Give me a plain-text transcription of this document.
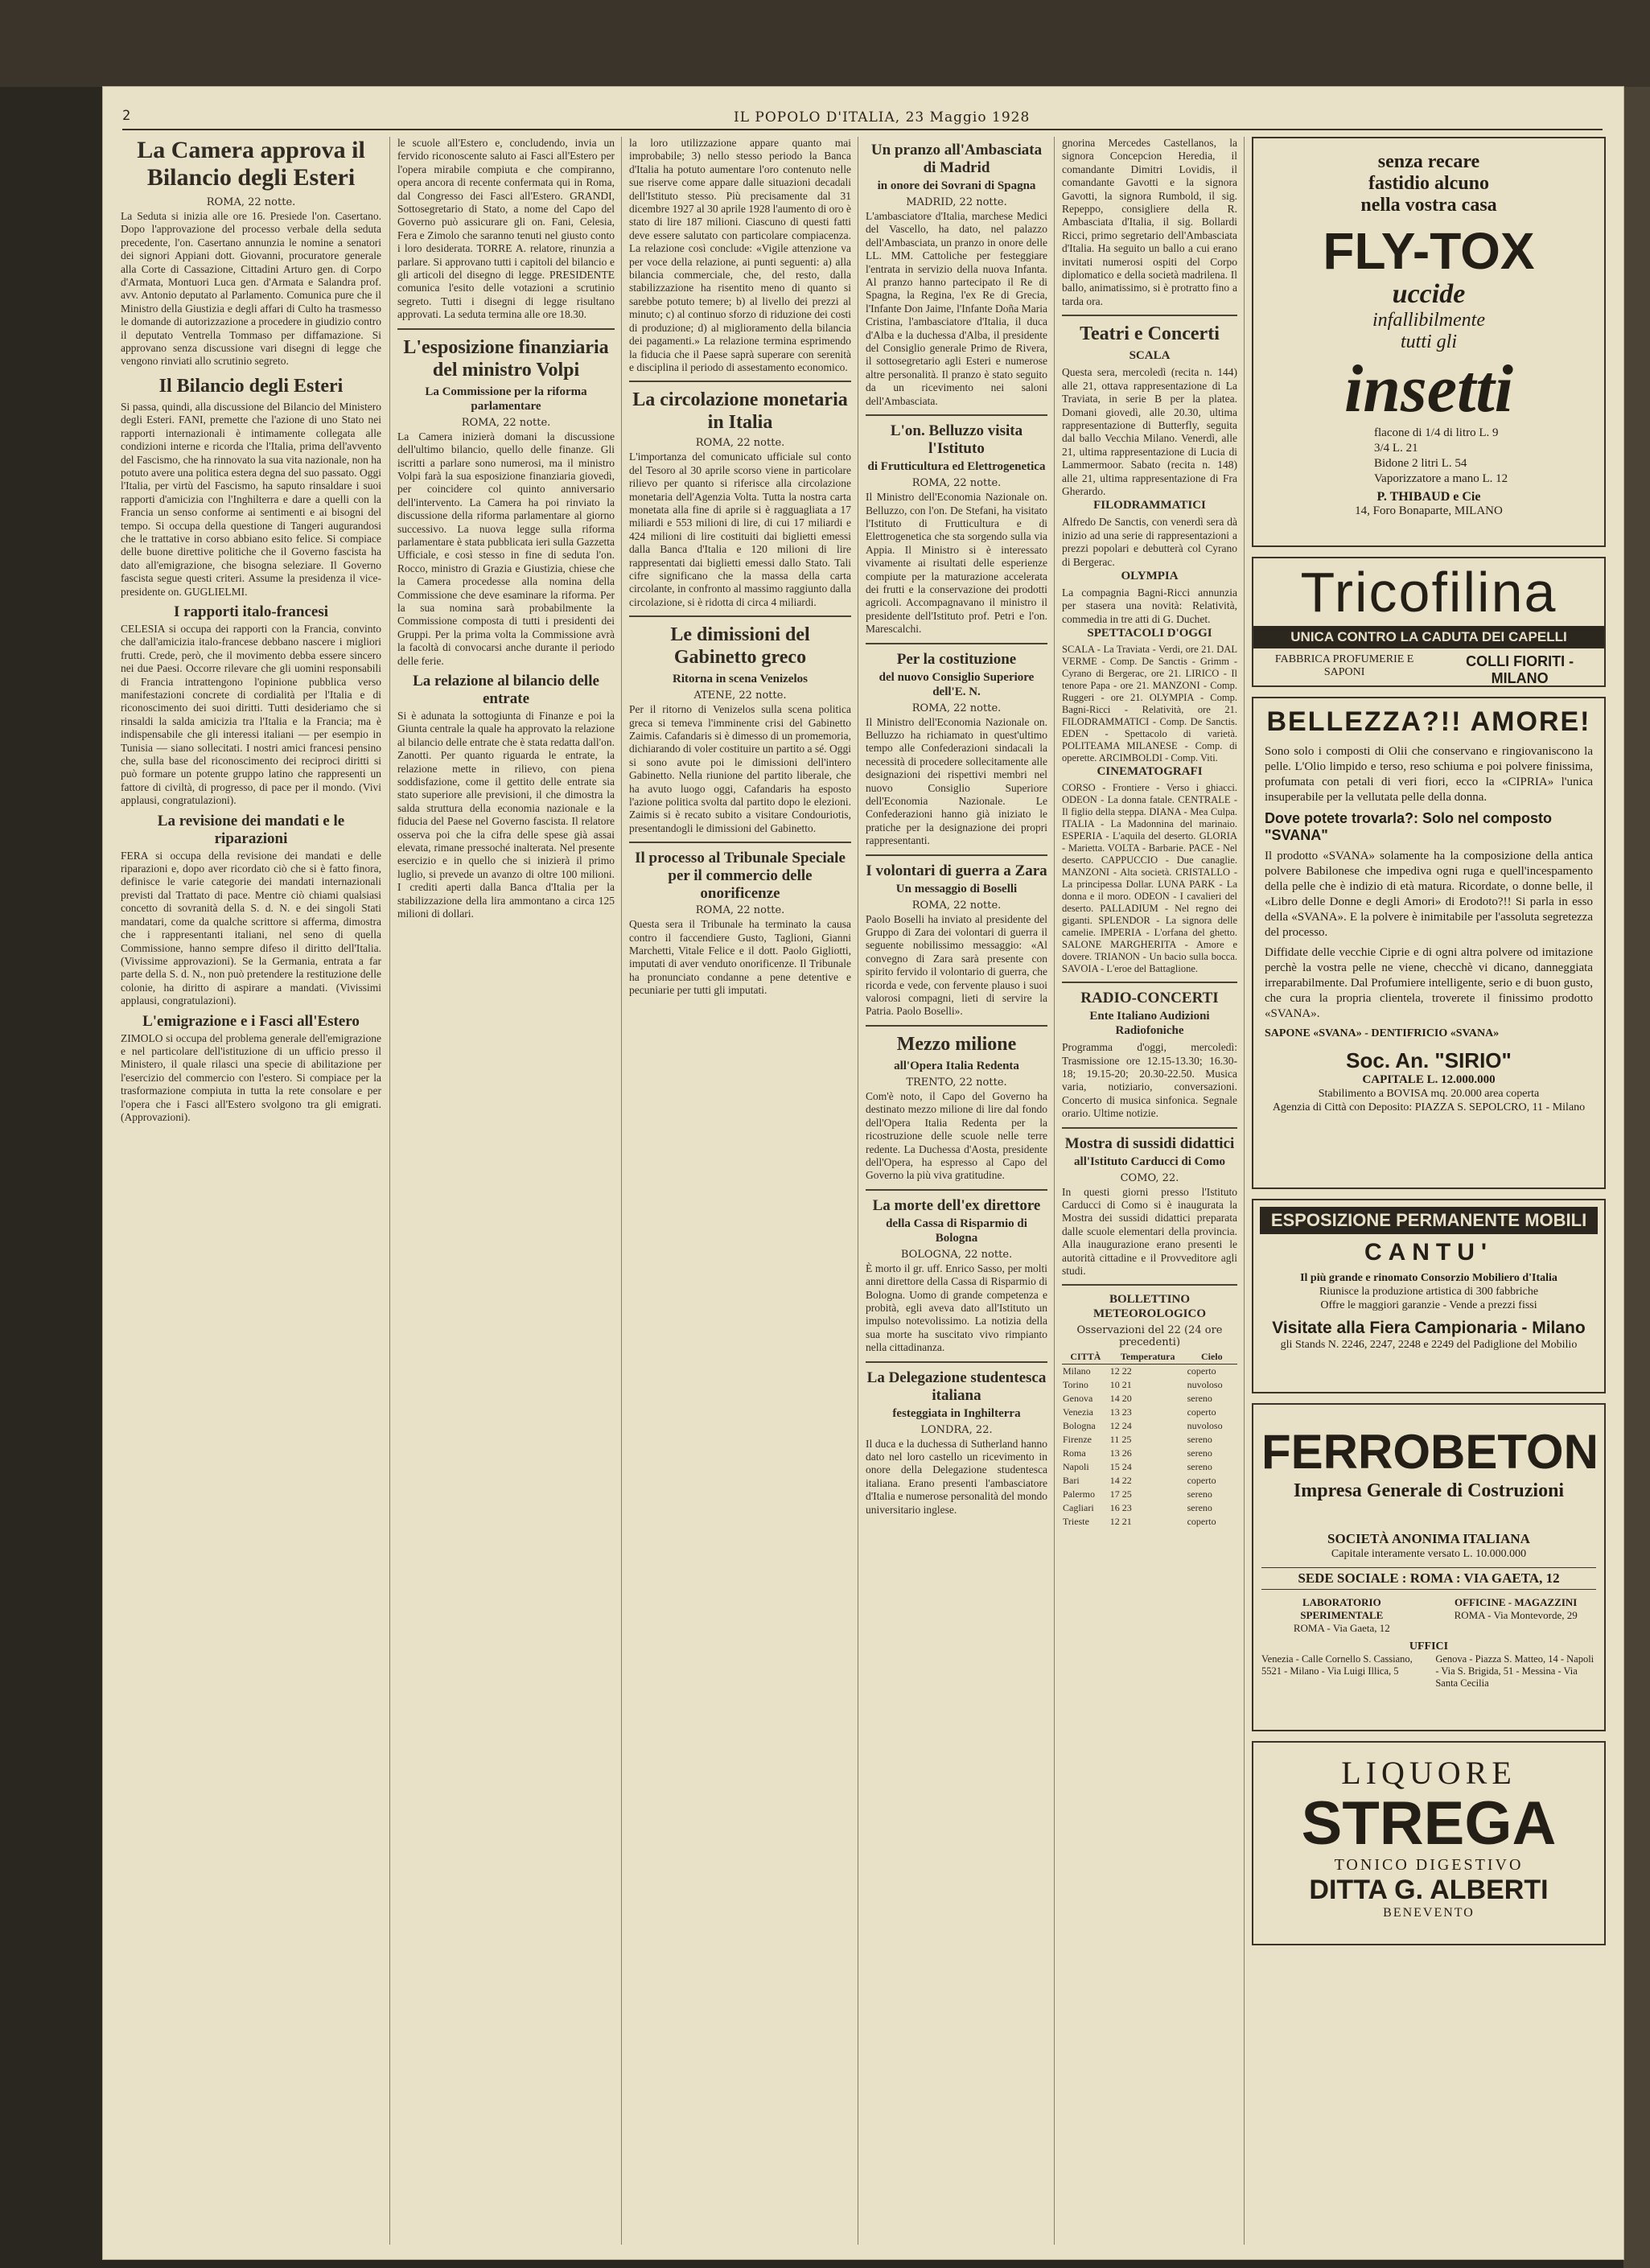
2	IL POPOLO D'ITALIA, 23 Maggio 1928
La Camera approva il Bilancio degli Esteri
ROMA, 22 notte.

La Seduta si inizia alle ore 16. Presiede l'on. Casertano. Dopo l'approvazione del processo verbale della seduta precedente, l'on. Casertano annunzia le nomine a senatori dei signori Appiani dott. Giovanni, procuratore generale alla Corte di Cassazione, Cittadini Arturo gen. di Corpo d'Armata, Montuori Luca gen. d'Armata e Salandra prof. avv. Antonio deputato al Parlamento. Comunica pure che il Ministro della Giustizia e degli affari di Culto ha trasmesso le domande di autorizzazione a procedere in giudizio contro il deputato Ventrella Tommaso per diffamazione. Si approvano senza discussione vari disegni di legge che vengono rinviati allo scrutinio segreto.

Il Bilancio degli Esteri

Si passa, quindi, alla discussione del Bilancio del Ministero degli Esteri. FANI, premette che l'azione di uno Stato nei rapporti internazionali è intimamente collegata alle condizioni interne e ricorda che l'Italia, prima dell'avvento del Fascismo, che ha rinnovato la sua vita nazionale, non ha potuto avere una politica estera degna del suo passato. Oggi l'Italia, per virtù del Fascismo, ha saputo rinsaldare i suoi rapporti d'amicizia con l'Inghilterra e dare a quelli con la Francia un senso conforme ai sentimenti e ai bisogni del tempo. Si occupa della questione di Tangeri augurandosi che le trattative in corso abbiano esito felice. Si compiace delle buone direttive politiche che il Governo fascista ha dato all'emigrazione, che bisogna seleziare. Il Governo fascista segue questi criteri. Assume la presidenza il vice-presidente on. GUGLIELMI.

I rapporti italo-francesi

CELESIA si occupa dei rapporti con la Francia, convinto che dall'amicizia italo-francese debbano nascere i migliori frutti. Crede, però, che il movimento debba essere sincero nei due Paesi. Occorre rilevare che gli uomini responsabili di Francia intrattengono l'opinione pubblica verso manifestazioni concrete di cordialità per l'Italia e di riconoscimento dei suoi diritti. Tutti desideriamo che si rinsaldi la salda amicizia tra l'Italia e la Francia; ma è indispensabile che gli interessi italiani — per esempio in Tunisia — siano sollecitati. I nostri amici francesi pensino che, sulla base del riconoscimento dei reciproci diritti si può formare un potente gruppo latino che rappresenti un fattore di civiltà, di progresso, di pace per il mondo. (Vivi applausi, congratulazioni).

La revisione dei mandati e le riparazioni

FERA si occupa della revisione dei mandati e delle riparazioni e, dopo aver ricordato ciò che si è fatto finora, definisce le varie categorie dei mandati internazionali previsti dal Trattato di pace. Mentre ciò chiami qualsiasi concetto di sovranità della S. d. N. e dei singoli Stati mandatari, come da qualche scrittore si afferma, dimostra che i rappresentanti italiani, nel seno di quella Commissione, hanno sempre difeso il diritto dell'Italia. (Vivissime approvazioni). Se la Germania, entrata a far parte della S. d. N., non può pretendere la restituzione delle colonie, ha diritto di aspirare a mandati. (Vivissimi applausi, congratulazioni).

L'emigrazione e i Fasci all'Estero

ZIMOLO si occupa del problema generale dell'emigrazione e nel particolare dell'istituzione di un ufficio presso il Ministero, il quale rilasci una specie di abilitazione per l'esercizio del commercio con l'estero. Si compiace per la trasformazione compiuta in tutta la rete consolare e per l'opera che i Fasci all'Estero svolgono tra gli emigrati. (Approvazioni).

le scuole all'Estero e, concludendo, invia un fervido riconoscente saluto ai Fasci all'Estero per l'opera mirabile compiuta e che compiranno, opera ancora di recente confermata qui in Roma, dal Congresso dei Fasci all'Estero. GRANDI, Sottosegretario di Stato, a nome del Capo del Governo può assicurare gli on. Fani, Celesia, Fera e Zimolo che saranno tenuti nel giusto conto i loro desiderata. TORRE A. relatore, rinunzia a parlare. Si approvano tutti i capitoli del bilancio e gli articoli del disegno di legge. PRESIDENTE comunica l'esito delle votazioni a scrutinio segreto. Tutti i disegni di legge risultano approvati. La seduta termina alle ore 18.30.

L'esposizione finanziaria del ministro Volpi
La Commissione per la riforma parlamentare
ROMA, 22 notte.

La Camera inizierà domani la discussione dell'ultimo bilancio, quello delle finanze. Gli iscritti a parlare sono numerosi, ma il ministro Volpi farà la sua esposizione finanziaria giovedì, per coincidere col quinto anniversario dell'intervento. La Camera ha poi rinviato la discussione della riforma parlamentare al giorno successivo. La nuova legge sulla riforma parlamentare è stata pubblicata ieri sulla Gazzetta Ufficiale, e così stesso in fine di seduta l'on. Rocco, ministro di Grazia e Giustizia, chiese che la Camera procedesse alla nomina della Commissione che deve esaminare la riforma. Per la sua nomina sarà probabilmente la Commissione composta di tutti i presidenti dei Gruppi. Per la prima volta la Commissione avrà la facoltà di convocarsi anche durante il periodo delle ferie.

La relazione al bilancio delle entrate

Si è adunata la sottogiunta di Finanze e poi la Giunta centrale la quale ha approvato la relazione al bilancio delle entrate che è stata redatta dall'on. Zanotti. Per quanto riguarda le entrate, la relazione mette in rilievo, con piena soddisfazione, come il gettito delle entrate sia stato superiore alle previsioni, il che dimostra la salda struttura della economia nazionale e la fiducia del Paese nel Governo fascista. Il relatore osserva poi che la cifra delle spese già assai elevata, rimane pressoché inalterata. Nel presente esercizio e in quello che si inizierà il primo luglio, si prevede un avanzo di oltre 100 milioni. I crediti aperti dalla Banca d'Italia per la stabilizzazione della lira ammontano a circa 125 milioni di dollari.

la loro utilizzazione appare quanto mai improbabile; 3) nello stesso periodo la Banca d'Italia ha potuto aumentare l'oro contenuto nelle sue riserve come appare dalle situazioni decadali dell'Istituto stesso. Più precisamente dal 31 dicembre 1927 al 30 aprile 1928 l'aumento di oro è stato di lire 187 milioni. Ciascuno di questi fatti deve essere salutato con particolare compiacenza. La relazione così conclude: «Vigile attenzione va per voce della relazione, ai punti seguenti: a) alla bilancia commerciale, che, del resto, dalla stabilizzazione ha risentito meno di quanto si sarebbe potuto temere; b) al livello dei prezzi al minuto; c) al continuo sforzo di riduzione dei costi di produzione; d) al miglioramento della bilancia dei pagamenti.» La relazione termina esprimendo la fiducia che il Paese saprà superare con serenità e disciplina il periodo di assestamento economico.

La circolazione monetaria in Italia
ROMA, 22 notte.

L'importanza del comunicato ufficiale sul conto del Tesoro al 30 aprile scorso viene in particolare rilievo per quanto si riferisce alla circolazione monetaria dell'Agenzia Volta. Tutta la nostra carta monetata alla fine di aprile si è ragguagliata a 17 miliardi e 553 milioni di lire, di cui 17 miliardi e 424 milioni di lire costituiti dai biglietti emessi dalla Banca d'Italia e 120 milioni di lire rappresentati dai biglietti emessi dallo Stato. Tali cifre significano che la massa della carta circolante, in confronto al massimo raggiunto dalla circolazione, si è ridotta di circa 4 miliardi.

Le dimissioni del Gabinetto greco
Ritorna in scena Venizelos
ATENE, 22 notte.

Per il ritorno di Venizelos sulla scena politica greca si temeva l'imminente crisi del Gabinetto Zaimis. Cafandaris si è dimesso di un promemoria, dichiarando di voler costituire un partito a sé. Oggi si sono avute poi le dimissioni dell'intero Gabinetto. Nella riunione del partito liberale, che ha avuto luogo oggi, Cafandaris ha esposto l'azione politica svolta dal partito dopo le elezioni. Zaimis si è recato subito a visitare Condouriotis, presentandogli le dimissioni del Gabinetto.

Il processo al Tribunale Speciale per il commercio delle onorificenze
ROMA, 22 notte.

Questa sera il Tribunale ha terminato la causa contro il faccendiere Gusto, Taglioni, Gianni Marchetti, Vitale Felice e il dott. Paolo Gigliotti, imputati di aver venduto onorificenze. Il Tribunale ha pronunciato condanne a pene detentive e pecuniarie per tutti gli imputati.

Un pranzo all'Ambasciata di Madrid
in onore dei Sovrani di Spagna
MADRID, 22 notte.

L'ambasciatore d'Italia, marchese Medici del Vascello, ha dato, nel palazzo dell'Ambasciata, un pranzo in onore delle LL. MM. Cattoliche per festeggiare l'entrata in servizio della nuova Infanta. Al pranzo hanno partecipato il Re di Spagna, la Regina, l'ex Re di Grecia, l'Infante Don Jaime, l'Infante Doña Maria Cristina, l'ambasciatore d'Italia, il duca d'Alba e la duchessa d'Alba, il presidente del Consiglio generale Primo de Rivera, il sottosegretario agli Esteri e numerose altre personalità. Il pranzo è stato seguito da un ricevimento nei saloni dell'Ambasciata.

L'on. Belluzzo visita l'Istituto
di Frutticultura ed Elettrogenetica
ROMA, 22 notte.

Il Ministro dell'Economia Nazionale on. Belluzzo, con l'on. De Stefani, ha visitato l'Istituto di Frutticultura e di Elettrogenetica che sta sorgendo sulla via Appia. Il Ministro si è interessato vivamente ai risultati delle esperienze compiute per la maturazione accelerata dei frutti e la conservazione dei prodotti agricoli. Accompagnavano il ministro il presidente dell'Istituto prof. Petri e l'on. Marescalchi.

Per la costituzione
del nuovo Consiglio Superiore dell'E. N.
ROMA, 22 notte.

Il Ministro dell'Economia Nazionale on. Belluzzo ha richiamato in quest'ultimo tempo alle Confederazioni sindacali la necessità di procedere sollecitamente alle designazioni dei rispettivi membri nel nuovo Consiglio Superiore dell'Economia Nazionale. Le Confederazioni hanno già iniziato le pratiche per la designazione dei propri rappresentanti.

I volontari di guerra a Zara
Un messaggio di Boselli
ROMA, 22 notte.

Paolo Boselli ha inviato al presidente del Gruppo di Zara dei volontari di guerra il seguente nobilissimo messaggio: «Al convegno di Zara sarà presente con spirito fervido il volontario di guerra, che ricorda e vede, con fervente plauso i suoi valorosi compagni, lieti di servire la Patria. Paolo Boselli».

Mezzo milione
all'Opera Italia Redenta
TRENTO, 22 notte.

Com'è noto, il Capo del Governo ha destinato mezzo milione di lire dal fondo dell'Opera Italia Redenta per la ricostruzione delle scuole nelle terre redente. La Duchessa d'Aosta, presidente dell'Opera, ha espresso al Capo del Governo la più viva gratitudine.

La morte dell'ex direttore
della Cassa di Risparmio di Bologna
BOLOGNA, 22 notte.

È morto il gr. uff. Enrico Sasso, per molti anni direttore della Cassa di Risparmio di Bologna. Uomo di grande competenza e probità, egli aveva dato all'Istituto un impulso notevolissimo. La notizia della sua morte ha suscitato vivo rimpianto nella cittadinanza.

La Delegazione studentesca italiana
festeggiata in Inghilterra
LONDRA, 22.

Il duca e la duchessa di Sutherland hanno dato nel loro castello un ricevimento in onore della Delegazione studentesca italiana. Erano presenti l'ambasciatore d'Italia e numerose personalità del mondo universitario inglese.

gnorina Mercedes Castellanos, la signora Concepcion Heredia, il comandante Dimitri Lovidis, il comandante Gavotti e la signora Gavotti, la signora Rumbold, il sig. Repeppo, consigliere della R. Ambasciata d'Italia, il sig. Bollardi Ricci, primo segretario dell'Ambasciata d'Italia. Ha seguito un ballo a cui erano invitati numerosi ospiti del Corpo diplomatico e della società madrilena. Il ballo, animatissimo, si è protratto fino a tarda ora.

Teatri e Concerti
SCALA

Questa sera, mercoledì (recita n. 144) alle 21, ottava rappresentazione di La Traviata, in serie B per la platea. Domani giovedì, alle 20.30, ultima rappresentazione di Butterfly, seguita dal ballo Vecchia Milano. Venerdì, alle 21, ultima rappresentazione di Lucia di Lammermoor. Sabato (recita n. 148) alle 21, ultima rappresentazione di Fra Gherardo.

FILODRAMMATICI

Alfredo De Sanctis, con venerdì sera dà inizio ad una serie di rappresentazioni a prezzi popolari e debutterà col Cyrano di Bergerac.

OLYMPIA

La compagnia Bagni-Ricci annunzia per stasera una novità: Relatività, commedia in tre atti di G. Duchet.

SPETTACOLI D'OGGI

SCALA - La Traviata - Verdi, ore 21. DAL VERME - Comp. De Sanctis - Grimm - Cyrano di Bergerac, ore 21. LIRICO - Il tenore Papa - ore 21. MANZONI - Comp. Ruggeri - ore 21. OLYMPIA - Comp. Bagni-Ricci - Relatività, ore 21. FILODRAMMATICI - Comp. De Sanctis. EDEN - Spettacolo di varietà. POLITEAMA MILANESE - Comp. di operette. ARCIMBOLDI - Comp. Viti.

CINEMATOGRAFI

CORSO - Frontiere - Verso i ghiacci. ODEON - La donna fatale. CENTRALE - Il figlio della steppa. DIANA - Mea Culpa. ITALIA - La Madonnina del marinaio. ESPERIA - L'aquila del deserto. GLORIA - Marietta. VOLTA - Barbarie. PACE - Nel deserto. CAPPUCCIO - Due canaglie. MANZONI - Alta società. CRISTALLO - La principessa Dollar. LUNA PARK - La donna e il moro. ODEON - I cavalieri del deserto. PALLADIUM - Nel regno dei giganti. SPLENDOR - La signora delle camelie. IMPERIA - L'orfana del ghetto. SALONE MARGHERITA - Amore e dovere. TRIANON - Un bacio sulla bocca. SAVOIA - L'eroe del Battaglione.

RADIO-CONCERTI
Ente Italiano Audizioni Radiofoniche

Programma d'oggi, mercoledì: Trasmissione ore 12.15-13.30; 16.30-18; 19.15-20; 20.30-22.50. Musica varia, notiziario, conversazioni. Concerto di musica sinfonica. Segnale orario. Ultime notizie.

Mostra di sussidi didattici
all'Istituto Carducci di Como
COMO, 22.

In questi giorni presso l'Istituto Carducci di Como si è inaugurata la Mostra dei sussidi didattici preparata dalle scuole elementari della provincia. Alla inaugurazione erano presenti le autorità cittadine e il Provveditore agli studi.

BOLLETTINO METEOROLOGICO
Osservazioni del 22 (24 ore precedenti)
CITTÀ	Temperatura	Cielo
Milano	12 22	coperto
Torino	10 21	nuvoloso
Genova	14 20	sereno
Venezia	13 23	coperto
Bologna	12 24	nuvoloso
Firenze	11 25	sereno
Roma	13 26	sereno
Napoli	15 24	sereno
Bari	14 22	coperto
Palermo	17 25	sereno
Cagliari	16 23	sereno
Trieste	12 21	coperto
senza recare
fastidio alcuno
nella vostra casa
FLY-TOX
uccide
infallibilmente
tutti gli
insetti
flacone di 1/4 di litro L. 9
3/4 L. 21
Bidone 2 litri L. 54
Vaporizzatore a mano L. 12
P. THIBAUD e Cie
14, Foro Bonaparte, MILANO
Tricofilina
UNICA CONTRO LA CADUTA DEI CAPELLI
FABBRICA PROFUMERIE E SAPONI
COLLI FIORITI - MILANO
BELLEZZA?!! AMORE!

Sono solo i composti di Olii che conservano e ringiovaniscono la pelle. L'Olio limpido e terso, reso schiuma e poi polvere finissima, profumata con petali di veri fiori, ecco la «CIPRIA» l'unica insuperabile per la vellutata pelle della donna.

Dove potete trovarla?: Solo nel composto "SVANA"

Il prodotto «SVANA» solamente ha la composizione della antica polvere Babilonese che impediva ogni ruga e quell'incespamento della pelle che è indizio di età matura. Ricordate, o donne belle, il «Libro delle Donne e degli Amori» di Erodoto?!! Si parla in esso della «SVANA». E la polvere è inimitabile per l'assoluta segretezza del processo.

Diffidate delle vecchie Ciprie e di ogni altra polvere od imitazione perchè la vostra pelle ne viene, checchè vi dicano, danneggiata irreparabilmente. Dal Profumiere intelligente, serio e di buon gusto, che cura la propria clientela, troverete il finissimo prodotto «SVANA».

SAPONE «SVANA» - DENTIFRICIO «SVANA»
Soc. An. "SIRIO"
CAPITALE L. 12.000.000
Stabilimento a BOVISA mq. 20.000 area coperta
Agenzia di Città con Deposito: PIAZZA S. SEPOLCRO, 11 - Milano
ESPOSIZIONE PERMANENTE MOBILI
CANTU'
Il più grande e rinomato Consorzio Mobiliero d'Italia
Riunisce la produzione artistica di 300 fabbriche
Offre le maggiori garanzie - Vende a prezzi fissi
Visitate alla Fiera Campionaria - Milano
gli Stands N. 2246, 2247, 2248 e 2249 del Padiglione del Mobilio
FERROBETON
Impresa Generale di Costruzioni
SOCIETÀ ANONIMA ITALIANA
Capitale interamente versato L. 10.000.000
SEDE SOCIALE : ROMA : VIA GAETA, 12
LABORATORIO SPERIMENTALE
ROMA - Via Gaeta, 12
OFFICINE - MAGAZZINI
ROMA - Via Montevorde, 29
UFFICI
Venezia - Calle Cornello S. Cassiano, 5521 - Milano - Via Luigi Illica, 5
Genova - Piazza S. Matteo, 14 - Napoli - Via S. Brigida, 51 - Messina - Via Santa Cecilia
LIQUORE
STREGA
TONICO DIGESTIVO
DITTA G. ALBERTI
BENEVENTO
